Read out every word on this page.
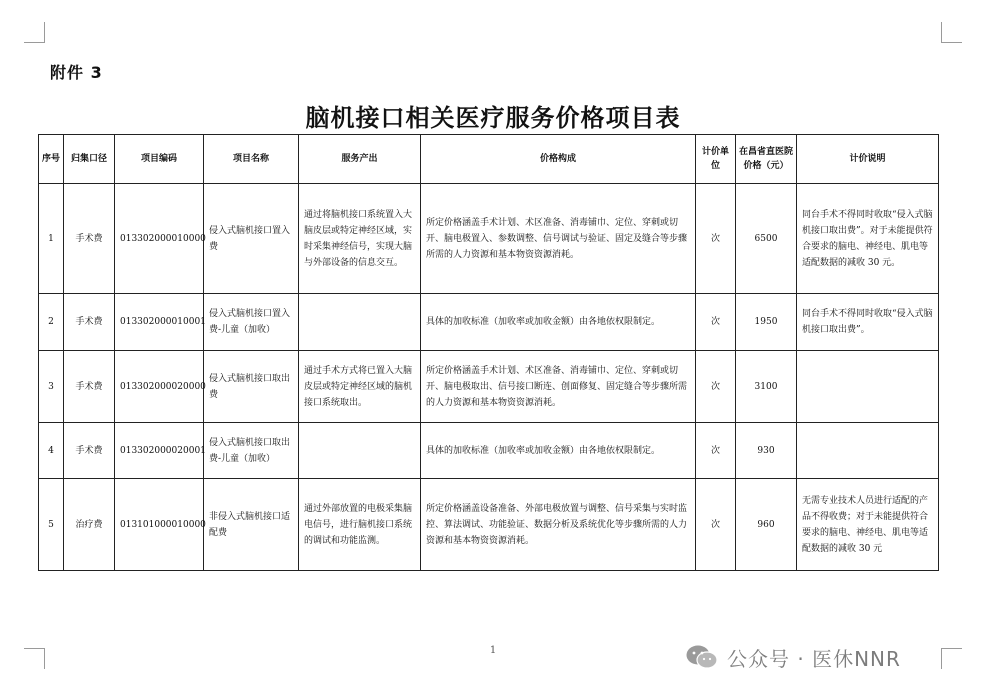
附件 3
脑机接口相关医疗服务价格项目表
序号	归集口径	项目编码	项目名称	服务产出	价格构成	计价单位	在昌省直医院价格（元）	计价说明
1	手术费	013302000010000	侵入式脑机接口置入费	通过将脑机接口系统置入大脑皮层或特定神经区域，实时采集神经信号，实现大脑与外部设备的信息交互。	所定价格涵盖手术计划、术区准备、消毒铺巾、定位、穿刺或切开、脑电极置入、参数调整、信号调试与验证、固定及缝合等步骤所需的人力资源和基本物资资源消耗。	次	6500	同台手术不得同时收取“侵入式脑机接口取出费”。对于未能提供符合要求的脑电、神经电、肌电等适配数据的减收 30 元。
2	手术费	013302000010001	侵入式脑机接口置入费-儿童（加收）		具体的加收标准（加收率或加收金额）由各地依权限制定。	次	1950	同台手术不得同时收取“侵入式脑机接口取出费”。
3	手术费	013302000020000	侵入式脑机接口取出费	通过手术方式将已置入大脑皮层或特定神经区域的脑机接口系统取出。	所定价格涵盖手术计划、术区准备、消毒铺巾、定位、穿刺或切开、脑电极取出、信号接口断连、创面修复、固定缝合等步骤所需的人力资源和基本物资资源消耗。	次	3100	
4	手术费	013302000020001	侵入式脑机接口取出费-儿童（加收）		具体的加收标准（加收率或加收金额）由各地依权限制定。	次	930	
5	治疗费	013101000010000	非侵入式脑机接口适配费	通过外部放置的电极采集脑电信号，进行脑机接口系统的调试和功能监测。	所定价格涵盖设备准备、外部电极放置与调整、信号采集与实时监控、算法调试、功能验证、数据分析及系统优化等步骤所需的人力资源和基本物资资源消耗。	次	960	无需专业技术人员进行适配的产品不得收费；对于未能提供符合要求的脑电、神经电、肌电等适配数据的减收 30 元
1	公众号 · 医休NNR
